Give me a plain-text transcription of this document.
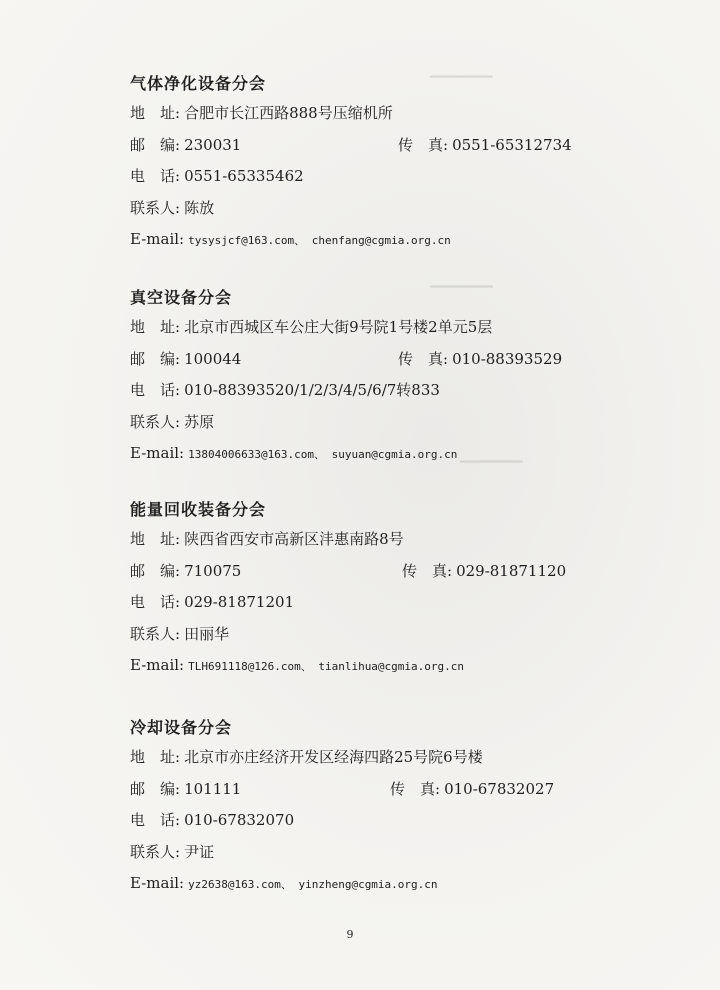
━━━━━━━━
━━━━━━━━
━━━━━━━━
气体净化设备分会
地　址: 合肥市长江西路888号压缩机所
邮　编: 230031	传　真: 0551-65312734
电　话: 0551-65335462
联系人: 陈放
E-mail: tysysjcf@163.com、 chenfang@cgmia.org.cn
真空设备分会
地　址: 北京市西城区车公庄大街9号院1号楼2单元5层
邮　编: 100044	传　真: 010-88393529
电　话: 010-88393520/1/2/3/4/5/6/7转833
联系人: 苏原
E-mail: 13804006633@163.com、 suyuan@cgmia.org.cn
能量回收装备分会
地　址: 陕西省西安市高新区沣惠南路8号
邮　编: 710075	传　真: 029-81871120
电　话: 029-81871201
联系人: 田丽华
E-mail: TLH691118@126.com、 tianlihua@cgmia.org.cn
冷却设备分会
地　址: 北京市亦庄经济开发区经海四路25号院6号楼
邮　编: 101111	传　真: 010-67832027
电　话: 010-67832070
联系人: 尹证
E-mail: yz2638@163.com、 yinzheng@cgmia.org.cn
9
